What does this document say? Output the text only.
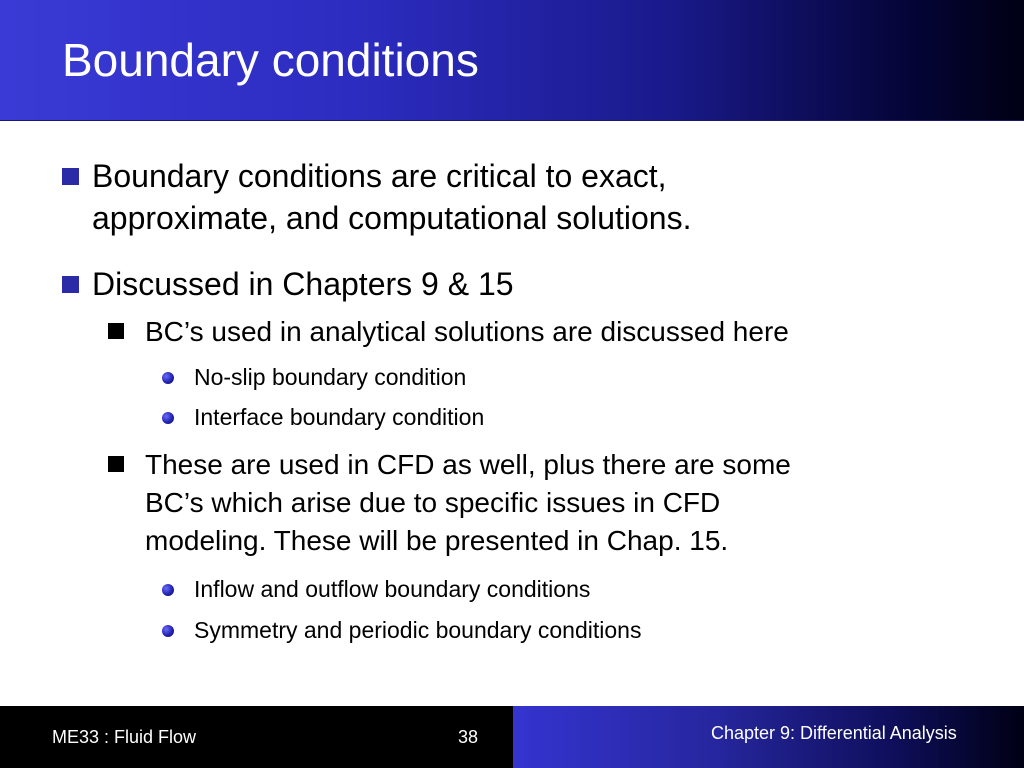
Boundary conditions
Boundary conditions are critical to exact,
approximate, and computational solutions.
Discussed in Chapters 9 & 15
BC’s used in analytical solutions are discussed here
No-slip boundary condition
Interface boundary condition
These are used in CFD as well, plus there are some
BC’s which arise due to specific issues in CFD
modeling. These will be presented in Chap. 15.
Inflow and outflow boundary conditions
Symmetry and periodic boundary conditions
ME33 : Fluid Flow	38	Chapter 9: Differential Analysis
